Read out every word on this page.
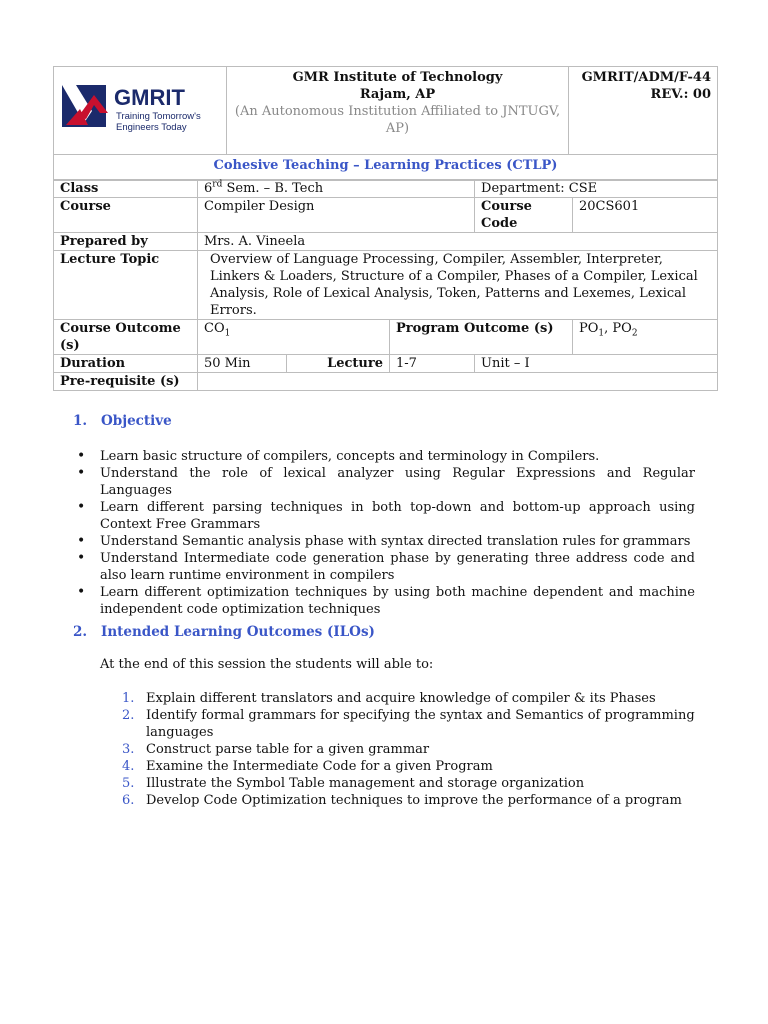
GMRIT
Training Tomorrow's
Engineers Today

GMR Institute of Technology
Rajam, AP
(An Autonomous Institution Affiliated to JNTUGV, AP)

GMRIT/ADM/F-44
REV.: 00

Cohesive Teaching – Learning Practices (CTLP)
Class	6rd Sem. – B. Tech			Department: CSE	
Course	Compiler Design			Course Code	20CS601
Prepared by	Mrs. A. Vineela				
Lecture Topic	Overview of Language Processing, Compiler, Assembler, Interpreter, Linkers & Loaders, Structure of a Compiler, Phases of a Compiler, Lexical Analysis, Role of Lexical Analysis, Token, Patterns and Lexemes, Lexical Errors.				
Course Outcome (s)	$CO_1$		Program Outcome (s)		$PO_1$, $PO_2$
Duration	50 Min	Lecture	1-7	Unit – I	
Pre-requisite (s)					
1. Objective
• Learn basic structure of compilers, concepts and terminology in Compilers.
• Understand the role of lexical analyzer using Regular Expressions and Regular Languages
• Learn different parsing techniques in both top-down and bottom-up approach using Context Free Grammars
• Understand Semantic analysis phase with syntax directed translation rules for grammars
• Understand Intermediate code generation phase by generating three address code and also learn runtime environment in compilers
• Learn different optimization techniques by using both machine dependent and machine independent code optimization techniques
2. Intended Learning Outcomes (ILOs)
At the end of this session the students will able to:
1. Explain different translators and acquire knowledge of compiler & its Phases
2. Identify formal grammars for specifying the syntax and Semantics of programming languages
3. Construct parse table for a given grammar
4. Examine the Intermediate Code for a given Program
5. Illustrate the Symbol Table management and storage organization
6. Develop Code Optimization techniques to improve the performance of a program
